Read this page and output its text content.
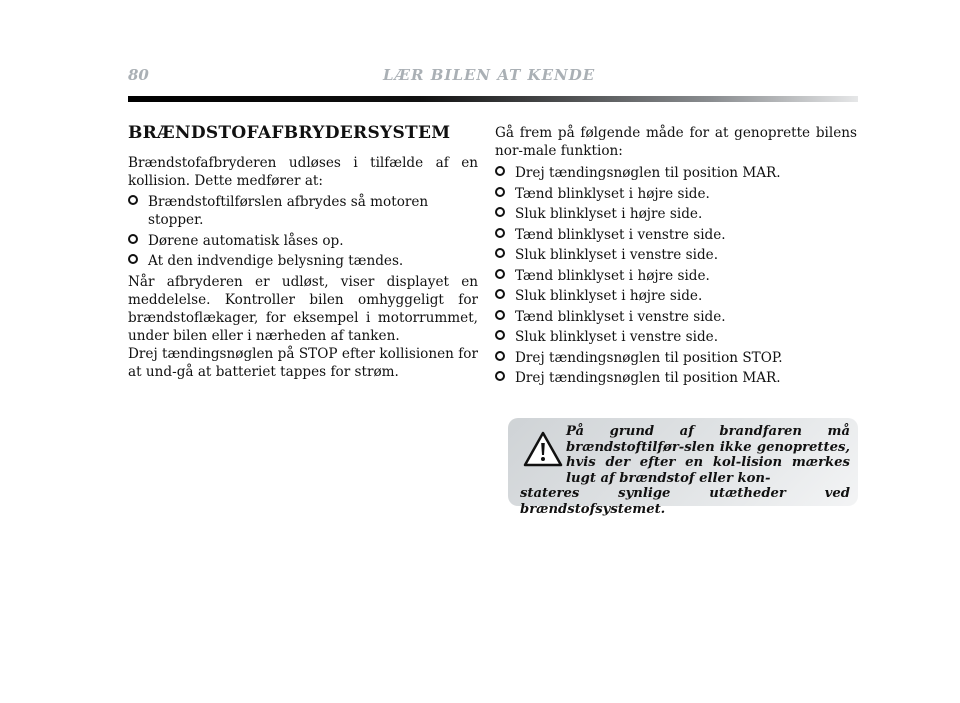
80	LÆR BILEN AT KENDE
BRÆNDSTOFAFBRYDERSYSTEM

Brændstofafbryderen udløses i tilfælde af en kollision. Dette medfører at:

Brændstoftilførslen afbrydes så motoren stopper.
Dørene automatisk låses op.
At den indvendige belysning tændes.

Når afbryderen er udløst, viser displayet en meddelelse. Kontroller bilen omhyggeligt for brændstoflækager, for eksempel i motorrummet, under bilen eller i nærheden af tanken.

Drej tændingsnøglen på STOP efter kollisionen for at und-gå at batteriet tappes for strøm.

Gå frem på følgende måde for at genoprette bilens nor-male funktion:

Drej tændingsnøglen til position MAR.
Tænd blinklyset i højre side.
Sluk blinklyset i højre side.
Tænd blinklyset i venstre side.
Sluk blinklyset i venstre side.
Tænd blinklyset i højre side.
Sluk blinklyset i højre side.
Tænd blinklyset i venstre side.
Sluk blinklyset i venstre side.
Drej tændingsnøglen til position STOP.
Drej tændingsnøglen til position MAR.
På grund af brandfaren må brændstoftilfør-slen ikke genoprettes, hvis der efter en kol-lision mærkes lugt af brændstof eller kon-
stateres synlige utætheder ved brændstofsystemet.
